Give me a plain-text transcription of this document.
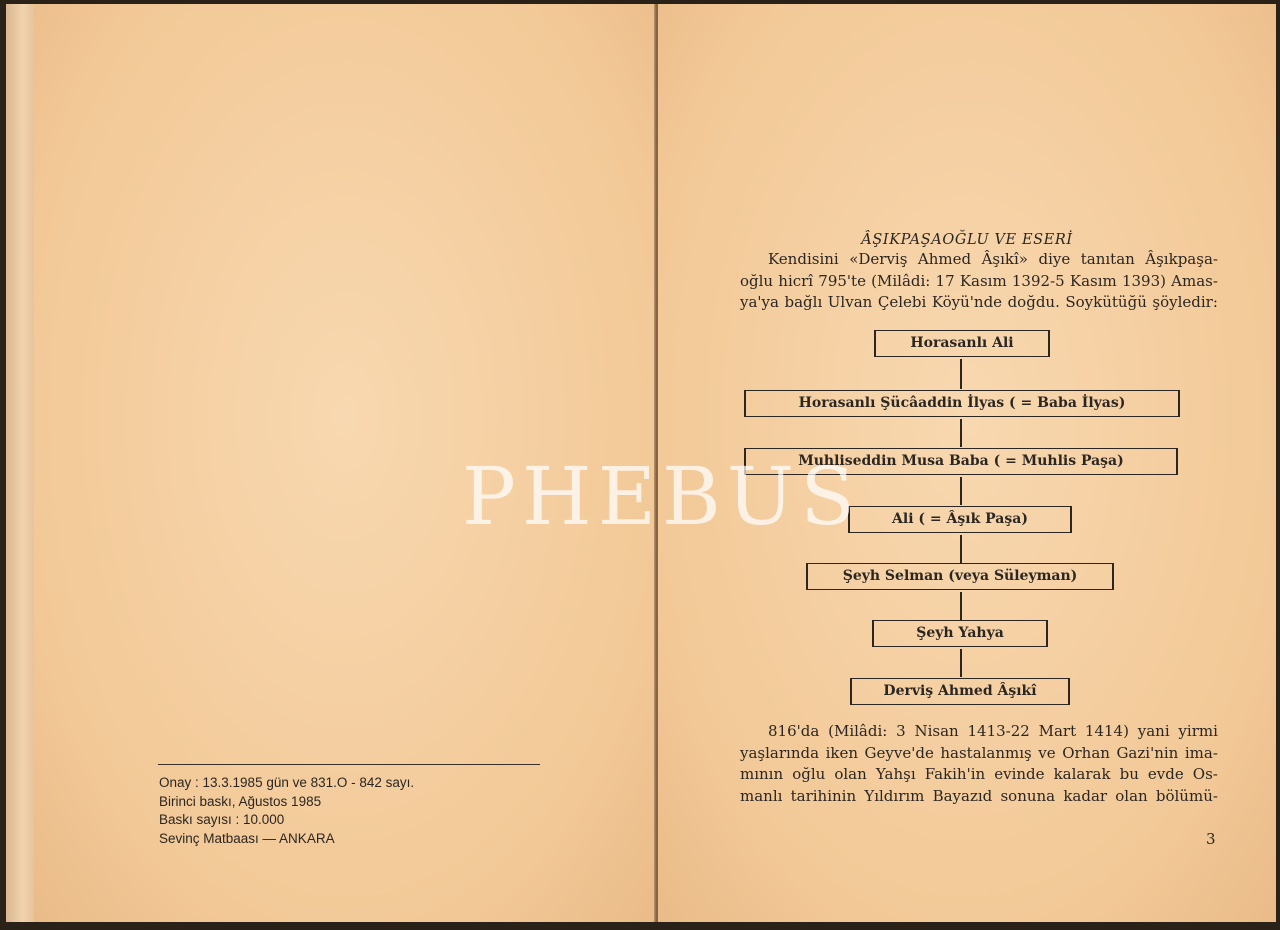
Onay : 13.3.1985 gün ve 831.O - 842 sayı.
Birinci baskı, Ağustos 1985
Baskı sayısı : 10.000
Sevinç Matbaası — ANKARA
ÂŞIKPAŞAOĞLU VE ESERİ
Kendisini «Derviş Ahmed Âşıkî» diye tanıtan Âşıkpaşa-
oğlu hicrî 795'te (Milâdi: 17 Kasım 1392-5 Kasım 1393) Amas-
ya'ya bağlı Ulvan Çelebi Köyü'nde doğdu. Soykütüğü şöyledir:
Horasanlı Ali
Horasanlı Şücâaddin İlyas ( = Baba İlyas)
Muhliseddin Musa Baba ( = Muhlis Paşa)
Ali ( = Âşık Paşa)
Şeyh Selman (veya Süleyman)
Şeyh Yahya
Derviş Ahmed Âşıkî
816'da (Milâdi: 3 Nisan 1413-22 Mart 1414) yani yirmi
yaşlarında iken Geyve'de hastalanmış ve Orhan Gazi'nin ima-
mının oğlu olan Yahşı Fakih'in evinde kalarak bu evde Os-
manlı tarihinin Yıldırım Bayazıd sonuna kadar olan bölümü-
3
PHEBUS
